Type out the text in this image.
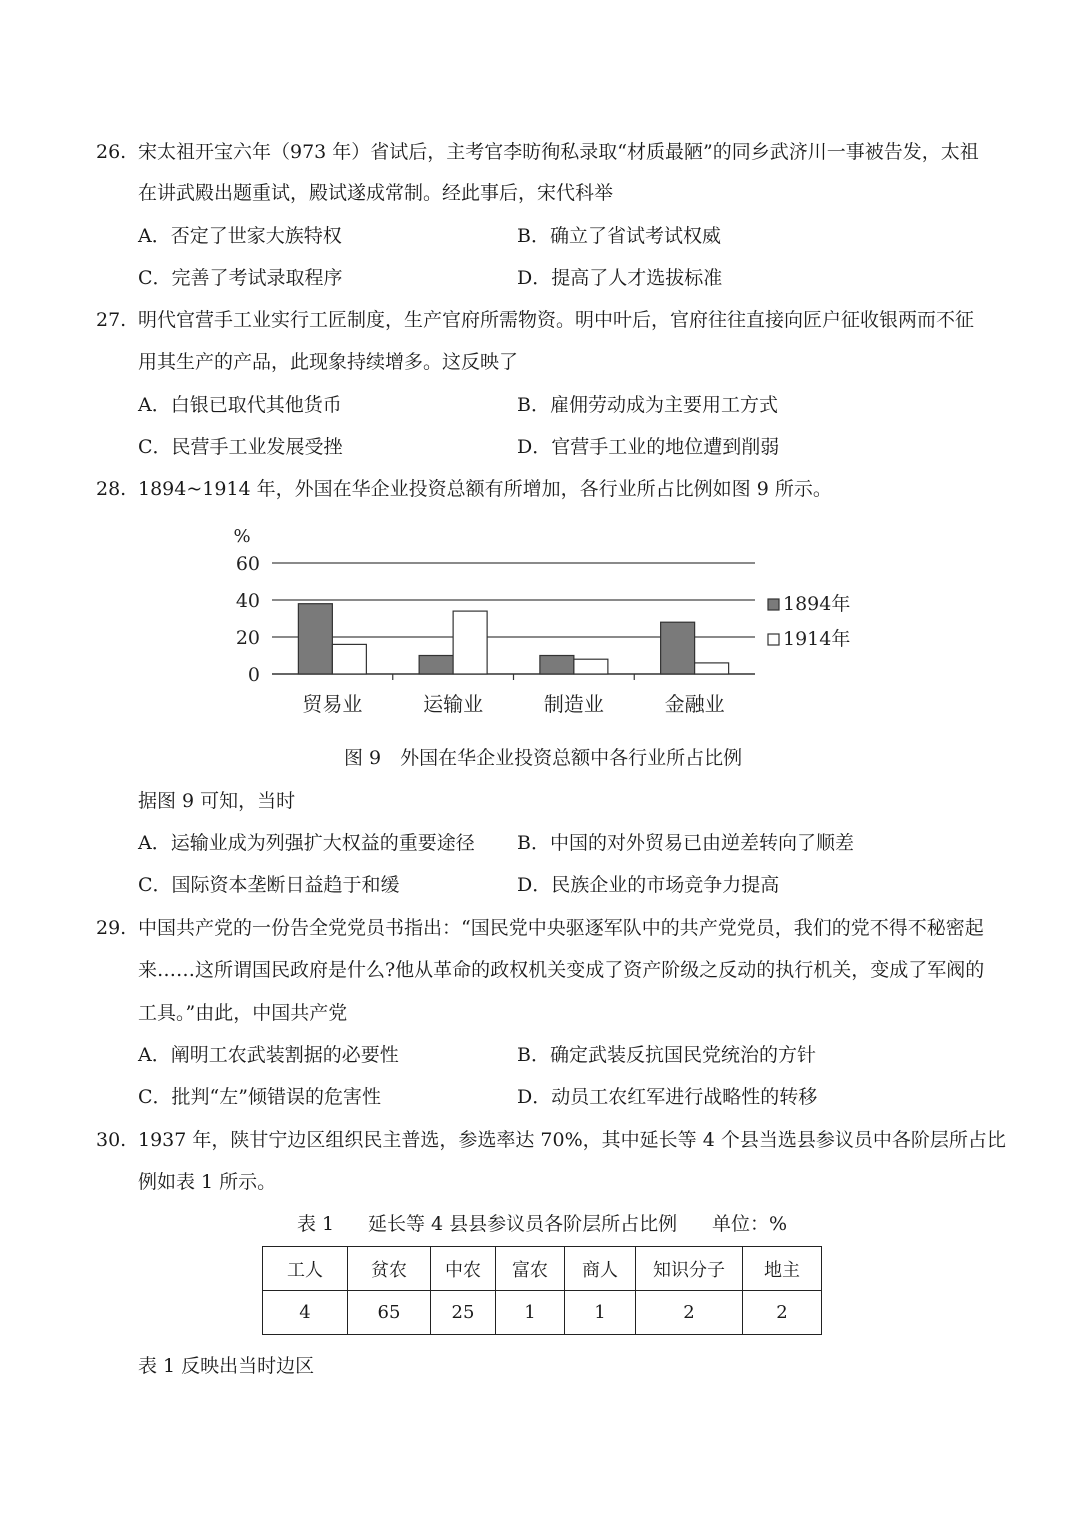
26. 宋太祖开宝六年（973 年）省试后，主考官李昉徇私录取“材质最陋”的同乡武济川一事被告发，太祖
在讲武殿出题重试，殿试遂成常制。经此事后，宋代科举
A．否定了世家大族特权	B．确立了省试考试权威
C．完善了考试录取程序	D．提高了人才选拔标准
27. 明代官营手工业实行工匠制度，生产官府所需物资。明中叶后，官府往往直接向匠户征收银两而不征
用其生产的产品，此现象持续增多。这反映了
A．白银已取代其他货币	B．雇佣劳动成为主要用工方式
C．民营手工业发展受挫	D．官营手工业的地位遭到削弱
28. 1894~1914 年，外国在华企业投资总额有所增加，各行业所占比例如图 9 所示。
0
20
40
60
%
贸易业	运输业	制造业	金融业
1894年
1914年
图 9　外国在华企业投资总额中各行业所占比例
据图 9 可知，当时
A．运输业成为列强扩大权益的重要途径 B．中国的对外贸易已由逆差转向了顺差
C．国际资本垄断日益趋于和缓	D．民族企业的市场竞争力提高
29. 中国共产党的一份告全党党员书指出：“国民党中央驱逐军队中的共产党党员，我们的党不得不秘密起
来……这所谓国民政府是什么?他从革命的政权机关变成了资产阶级之反动的执行机关，变成了军阀的
工具。”由此，中国共产党
A．阐明工农武装割据的必要性	B．确定武装反抗国民党统治的方针
C．批判“左”倾错误的危害性	D．动员工农红军进行战略性的转移
30. 1937 年，陕甘宁边区组织民主普选，参选率达 70%，其中延长等 4 个县当选县参议员中各阶层所占比
例如表 1 所示。
表 1 延长等 4 县县参议员各阶层所占比例 单位：%
工人	贫农	中农	富农	商人	知识分子	地主
4	65	25	1	1	2	2
表 1 反映出当时边区
